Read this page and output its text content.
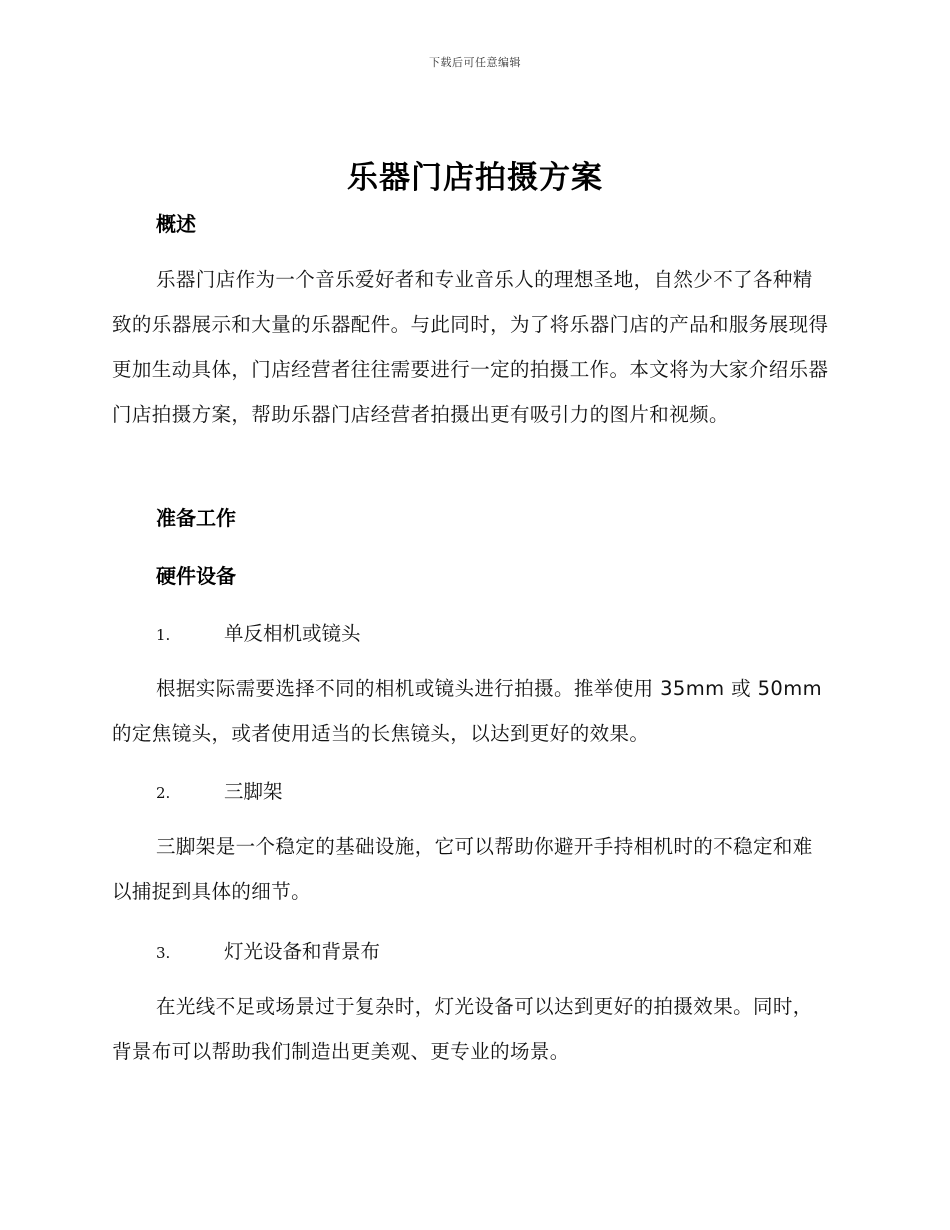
下载后可任意编辑
乐器门店拍摄方案
概述

乐器门店作为一个音乐爱好者和专业音乐人的理想圣地，自然少不了各种精致的乐器展示和大量的乐器配件。与此同时，为了将乐器门店的产品和服务展现得更加生动具体，门店经营者往往需要进行一定的拍摄工作。本文将为大家介绍乐器门店拍摄方案，帮助乐器门店经营者拍摄出更有吸引力的图片和视频。

准备工作
硬件设备
1.	单反相机或镜头

根据实际需要选择不同的相机或镜头进行拍摄。推举使用 35mm 或 50mm 的定焦镜头，或者使用适当的长焦镜头，以达到更好的效果。

2.	三脚架

三脚架是一个稳定的基础设施，它可以帮助你避开手持相机时的不稳定和难以捕捉到具体的细节。

3.	灯光设备和背景布

在光线不足或场景过于复杂时，灯光设备可以达到更好的拍摄效果。同时，背景布可以帮助我们制造出更美观、更专业的场景。
